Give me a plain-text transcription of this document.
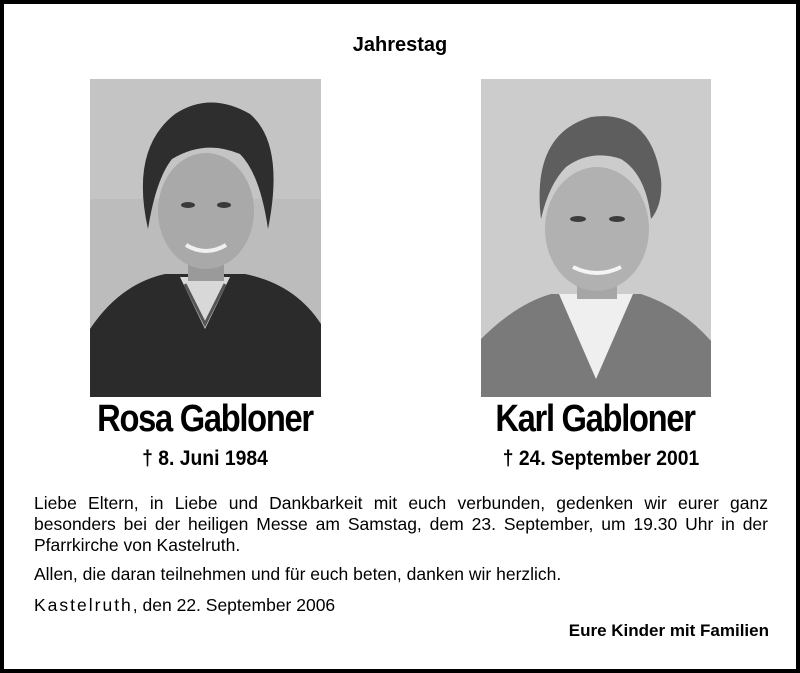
Jahrestag
Rosa Gabloner	Karl Gabloner
† 8. Juni 1984	† 24. September 2001

Liebe Eltern, in Liebe und Dankbarkeit mit euch verbunden, gedenken wir eurer ganz besonders bei der heiligen Messe am Samstag, dem 23. September, um 19.30 Uhr in der Pfarrkirche von Kastelruth.

Allen, die daran teilnehmen und für euch beten, danken wir herzlich.
Kastelruth, den 22. September 2006
Eure Kinder mit Familien
